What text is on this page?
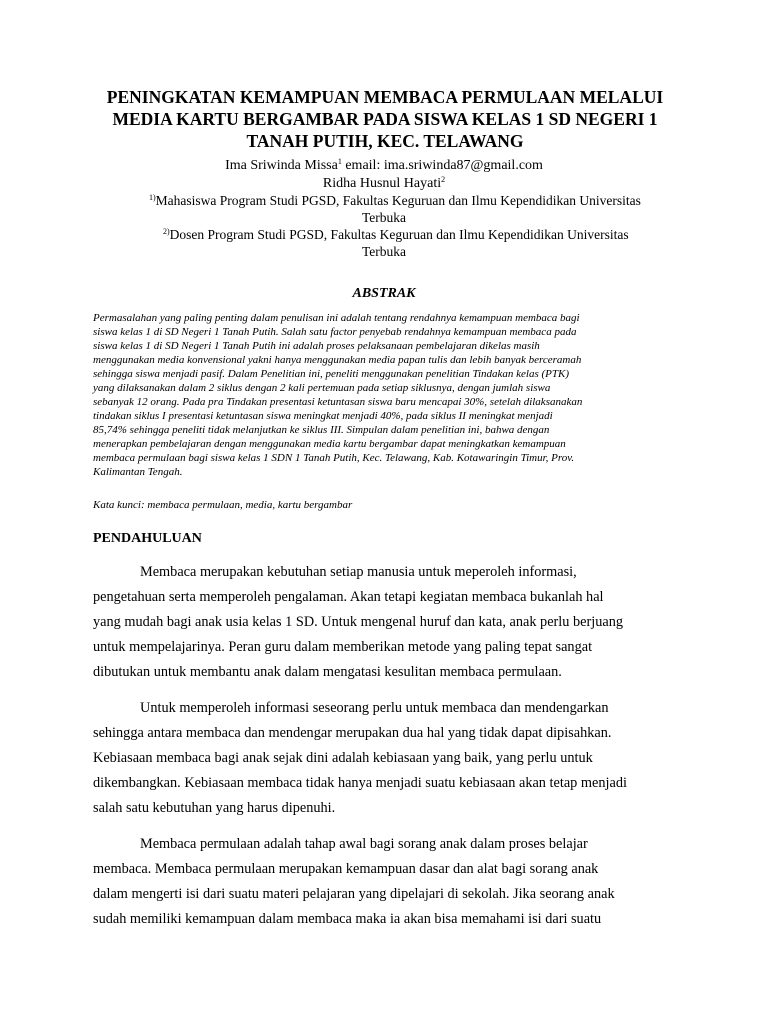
PENINGKATAN KEMAMPUAN MEMBACA PERMULAAN MELALUI MEDIA KARTU BERGAMBAR PADA SISWA KELAS 1 SD NEGERI 1 TANAH PUTIH, KEC. TELAWANG
Ima Sriwinda Missa$^1$ email: ima.sriwinda87@gmail.com
Ridha Husnul Hayati$^2$
$^{1)}$Mahasiswa Program Studi PGSD, Fakultas Keguruan dan Ilmu Kependidikan Universitas
Terbuka
$^{2)}$Dosen Program Studi PGSD, Fakultas Keguruan dan Ilmu Kependidikan Universitas
Terbuka
ABSTRAK
Permasalahan yang paling penting dalam penulisan ini adalah tentang rendahnya kemampuan membaca bagi
siswa kelas 1 di SD Negeri 1 Tanah Putih. Salah satu factor penyebab rendahnya kemampuan membaca pada
siswa kelas 1 di SD Negeri 1 Tanah Putih ini adalah proses pelaksanaan pembelajaran dikelas masih
menggunakan media konvensional yakni hanya menggunakan media papan tulis dan lebih banyak berceramah
sehingga siswa menjadi pasif. Dalam Penelitian ini, peneliti menggunakan penelitian Tindakan kelas (PTK)
yang dilaksanakan dalam 2 siklus dengan 2 kali pertemuan pada setiap siklusnya, dengan jumlah siswa
sebanyak 12 orang. Pada pra Tindakan presentasi ketuntasan siswa baru mencapai 30%, setelah dilaksanakan
tindakan siklus I presentasi ketuntasan siswa meningkat menjadi 40%, pada siklus II meningkat menjadi
85,74% sehingga peneliti tidak melanjutkan ke siklus III. Simpulan dalam penelitian ini, bahwa dengan
menerapkan pembelajaran dengan menggunakan media kartu bergambar dapat meningkatkan kemampuan
membaca permulaan bagi siswa kelas 1 SDN 1 Tanah Putih, Kec. Telawang, Kab. Kotawaringin Timur, Prov.
Kalimantan Tengah.
Kata kunci: membaca permulaan, media, kartu bergambar
PENDAHULUAN
Membaca merupakan kebutuhan setiap manusia untuk meperoleh informasi,
pengetahuan serta memperoleh pengalaman. Akan tetapi kegiatan membaca bukanlah hal
yang mudah bagi anak usia kelas 1 SD. Untuk mengenal huruf dan kata, anak perlu berjuang
untuk mempelajarinya. Peran guru dalam memberikan metode yang paling tepat sangat
dibutukan untuk membantu anak dalam mengatasi kesulitan membaca permulaan.
Untuk memperoleh informasi seseorang perlu untuk membaca dan mendengarkan
sehingga antara membaca dan mendengar merupakan dua hal yang tidak dapat dipisahkan.
Kebiasaan membaca bagi anak sejak dini adalah kebiasaan yang baik, yang perlu untuk
dikembangkan. Kebiasaan membaca tidak hanya menjadi suatu kebiasaan akan tetap menjadi
salah satu kebutuhan yang harus dipenuhi.
Membaca permulaan adalah tahap awal bagi sorang anak dalam proses belajar
membaca. Membaca permulaan merupakan kemampuan dasar dan alat bagi sorang anak
dalam mengerti isi dari suatu materi pelajaran yang dipelajari di sekolah. Jika seorang anak
sudah memiliki kemampuan dalam membaca maka ia akan bisa memahami isi dari suatu
